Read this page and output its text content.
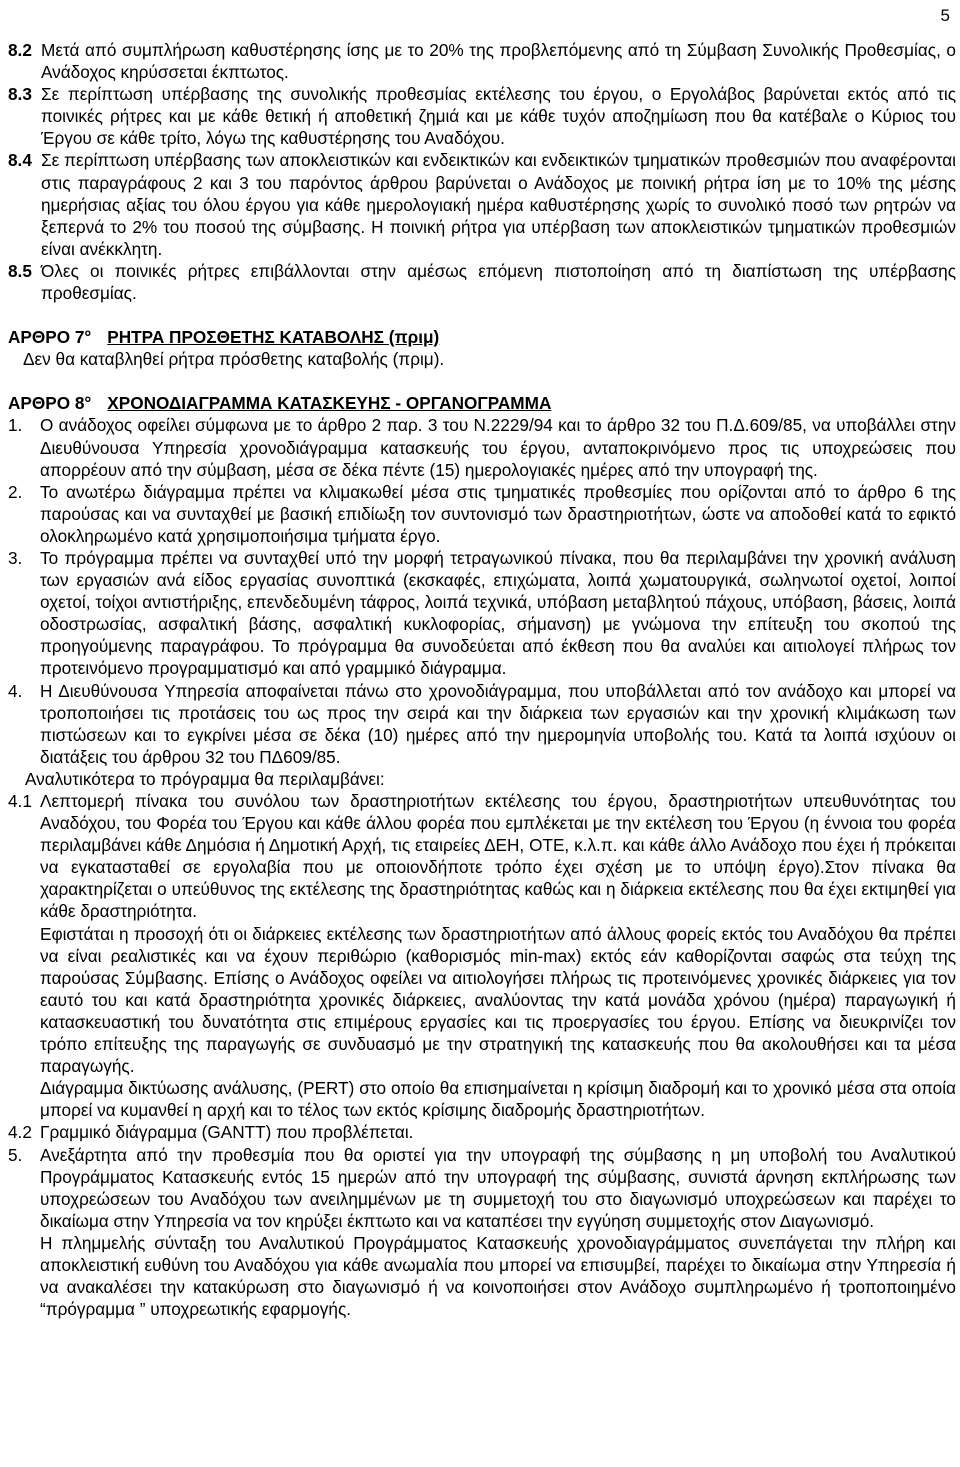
5
8.2 Μετά από συμπλήρωση καθυστέρησης ίσης με το 20% της προβλεπόμενης από τη Σύμβαση Συνολικής Προθεσμίας, ο Ανάδοχος κηρύσσεται έκπτωτος.
8.3 Σε περίπτωση υπέρβασης της συνολικής προθεσμίας εκτέλεσης του έργου, ο Εργολάβος βαρύνεται εκτός από τις ποινικές ρήτρες και με κάθε θετική ή αποθετική ζημιά και με κάθε τυχόν αποζημίωση που θα κατέβαλε ο Κύριος του Έργου σε κάθε τρίτο, λόγω της καθυστέρησης του Αναδόχου.
8.4 Σε περίπτωση υπέρβασης των αποκλειστικών και ενδεικτικών και ενδεικτικών τμηματικών προθεσμιών που αναφέρονται στις παραγράφους 2 και 3 του παρόντος άρθρου βαρύνεται ο Ανάδοχος με ποινική ρήτρα ίση με το 10% της μέσης ημερήσιας αξίας του όλου έργου για κάθε ημερολογιακή ημέρα καθυστέρησης χωρίς το συνολικό ποσό των ρητρών να ξεπερνά το 2% του ποσού της σύμβασης. Η ποινική ρήτρα για υπέρβαση των αποκλειστικών τμηματικών προθεσμιών είναι ανέκκλητη.
8.5 Όλες οι ποινικές ρήτρες επιβάλλονται στην αμέσως επόμενη πιστοποίηση από τη διαπίστωση της υπέρβασης προθεσμίας.
ΑΡΘΡΟ 7° ΡΗΤΡΑ ΠΡΟΣΘΕΤΗΣ ΚΑΤΑΒΟΛΗΣ (πριμ)
Δεν θα καταβληθεί ρήτρα πρόσθετης καταβολής (πριμ).
ΑΡΘΡΟ 8° ΧΡΟΝΟΔΙΑΓΡΑΜΜΑ ΚΑΤΑΣΚΕΥΗΣ - ΟΡΓΑΝΟΓΡΑΜΜΑ
1.	Ο ανάδοχος οφείλει σύμφωνα με το άρθρο 2 παρ. 3 του Ν.2229/94 και το άρθρο 32 του Π.Δ.609/85, να υποβάλλει στην Διευθύνουσα Υπηρεσία χρονοδιάγραμμα κατασκευής του έργου, ανταποκρινόμενο προς τις υποχρεώσεις που απορρέουν από την σύμβαση, μέσα σε δέκα πέντε (15) ημερολογιακές ημέρες από την υπογραφή της.
2.	Το ανωτέρω διάγραμμα πρέπει να κλιμακωθεί μέσα στις τμηματικές προθεσμίες που ορίζονται από το άρθρο 6 της παρούσας και να συνταχθεί με βασική επιδίωξη τον συντονισμό των δραστηριοτήτων, ώστε να αποδοθεί κατά το εφικτό ολοκληρωμένο κατά χρησιμοποιήσιμα τμήματα έργο.
3.	Το πρόγραμμα πρέπει να συνταχθεί υπό την μορφή τετραγωνικού πίνακα, που θα περιλαμβάνει την χρονική ανάλυση των εργασιών ανά είδος εργασίας συνοπτικά (εκσκαφές, επιχώματα, λοιπά χωματουργικά, σωληνωτοί οχετοί, λοιποί οχετοί, τοίχοι αντιστήριξης, επενδεδυμένη τάφρος, λοιπά τεχνικά, υπόβαση μεταβλητού πάχους, υπόβαση, βάσεις, λοιπά οδοστρωσίας, ασφαλτική βάσης, ασφαλτική κυκλοφορίας, σήμανση) με γνώμονα την επίτευξη του σκοπού της προηγούμενης παραγράφου. Το πρόγραμμα θα συνοδεύεται από έκθεση που θα αναλύει και αιτιολογεί πλήρως τον προτεινόμενο προγραμματισμό και από γραμμικό διάγραμμα.
4.	Η Διευθύνουσα Υπηρεσία αποφαίνεται πάνω στο χρονοδιάγραμμα, που υποβάλλεται από τον ανάδοχο και μπορεί να τροποποιήσει τις προτάσεις του ως προς την σειρά και την διάρκεια των εργασιών και την χρονική κλιμάκωση των πιστώσεων και το εγκρίνει μέσα σε δέκα (10) ημέρες από την ημερομηνία υποβολής του. Κατά τα λοιπά ισχύουν οι διατάξεις του άρθρου 32 του ΠΔ609/85.
Αναλυτικότερα το πρόγραμμα θα περιλαμβάνει:
4.1 Λεπτομερή πίνακα του συνόλου των δραστηριοτήτων εκτέλεσης του έργου, δραστηριοτήτων υπευθυνότητας του Αναδόχου, του Φορέα του Έργου και κάθε άλλου φορέα που εμπλέκεται με την εκτέλεση του Έργου (η έννοια του φορέα περιλαμβάνει κάθε Δημόσια ή Δημοτική Αρχή, τις εταιρείες ΔΕΗ, ΟΤΕ, κ.λ.π. και κάθε άλλο Ανάδοχο που έχει ή πρόκειται να εγκατασταθεί σε εργολαβία που με οποιονδήποτε τρόπο έχει σχέση με το υπόψη έργο).Στον πίνακα θα χαρακτηρίζεται ο υπεύθυνος της εκτέλεσης της δραστηριότητας καθώς και η διάρκεια εκτέλεσης που θα έχει εκτιμηθεί για κάθε δραστηριότητα.
Εφιστάται η προσοχή ότι οι διάρκειες εκτέλεσης των δραστηριοτήτων από άλλους φορείς εκτός του Αναδόχου θα πρέπει να είναι ρεαλιστικές και να έχουν περιθώριο (καθορισμός min-max) εκτός εάν καθορίζονται σαφώς στα τεύχη της παρούσας Σύμβασης. Επίσης ο Ανάδοχος οφείλει να αιτιολογήσει πλήρως τις προτεινόμενες χρονικές διάρκειες για τον εαυτό του και κατά δραστηριότητα χρονικές διάρκειες, αναλύοντας την κατά μονάδα χρόνου (ημέρα) παραγωγική ή κατασκευαστική του δυνατότητα στις επιμέρους εργασίες και τις προεργασίες του έργου. Επίσης να διευκρινίζει τον τρόπο επίτευξης της παραγωγής σε συνδυασμό με την στρατηγική της κατασκευής που θα ακολουθήσει και τα μέσα παραγωγής.
Διάγραμμα δικτύωσης ανάλυσης, (PERT) στο οποίο θα επισημαίνεται η κρίσιμη διαδρομή και το χρονικό μέσα στα οποία μπορεί να κυμανθεί η αρχή και το τέλος των εκτός κρίσιμης διαδρομής δραστηριοτήτων.
4.2 Γραμμικό διάγραμμα (GANTT) που προβλέπεται.
5.	Ανεξάρτητα από την προθεσμία που θα οριστεί για την υπογραφή της σύμβασης η μη υποβολή του Αναλυτικού Προγράμματος Κατασκευής εντός 15 ημερών από την υπογραφή της σύμβασης, συνιστά άρνηση εκπλήρωσης των υποχρεώσεων του Αναδόχου των ανειλημμένων με τη συμμετοχή του στο διαγωνισμό υποχρεώσεων και παρέχει το δικαίωμα στην Υπηρεσία να τον κηρύξει έκπτωτο και να καταπέσει την εγγύηση συμμετοχής στον Διαγωνισμό.
Η πλημμελής σύνταξη του Αναλυτικού Προγράμματος Κατασκευής χρονοδιαγράμματος συνεπάγεται την πλήρη και αποκλειστική ευθύνη του Αναδόχου για κάθε ανωμαλία που μπορεί να επισυμβεί, παρέχει το δικαίωμα στην Υπηρεσία ή να ανακαλέσει την κατακύρωση στο διαγωνισμό ή να κοινοποιήσει στον Ανάδοχο συμπληρωμένο ή τροποποιημένο “πρόγραμμα ” υποχρεωτικής εφαρμογής.
